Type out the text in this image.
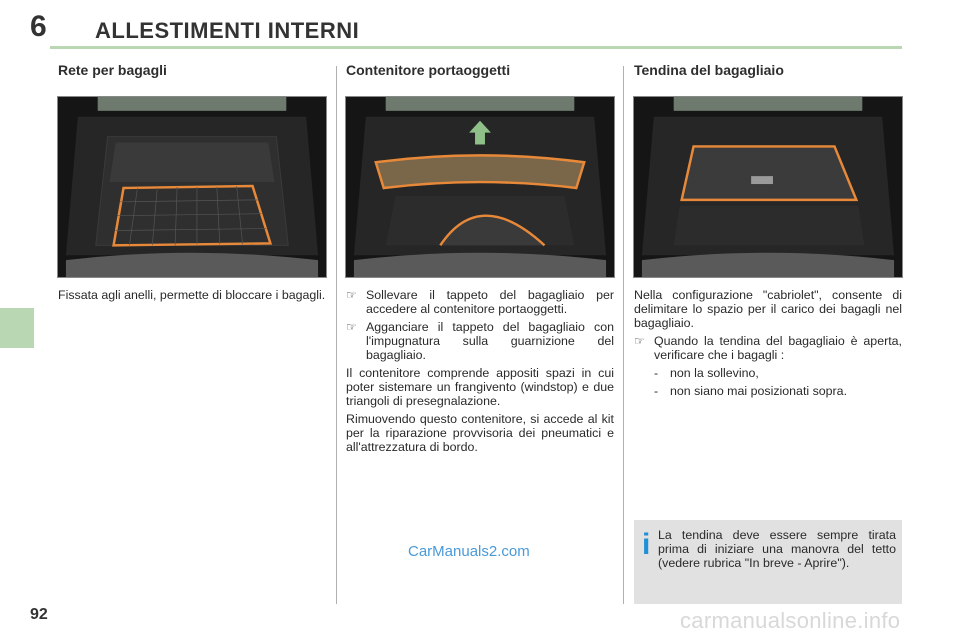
6 ALLESTIMENTI INTERNI
Rete per bagagli
Fissata agli anelli, permette di bloccare i bagagli.
Contenitore portaoggetti
☞ Sollevare il tappeto del bagagliaio per accedere al contenitore portaoggetti.
☞ Agganciare il tappeto del bagagliaio con l'impugnatura sulla guarnizione del bagagliaio.

Il contenitore comprende appositi spazi in cui poter sistemare un frangivento (windstop) e due triangoli di presegnalazione.

Rimuovendo questo contenitore, si accede al kit per la riparazione provvisoria dei pneumatici e all'attrezzatura di bordo.

Tendina del bagagliaio

Nella configurazione "cabriolet", consente di delimitare lo spazio per il carico dei bagagli nel bagagliaio.

☞ Quando la tendina del bagagliaio è aperta, verificare che i bagagli :
- non la sollevino,
- non siano mai posizionati sopra.
i La tendina deve essere sempre tirata prima di iniziare una manovra del tetto (vedere rubrica "In breve - Aprire").
CarManuals2.com
92	carmanualsonline.info
